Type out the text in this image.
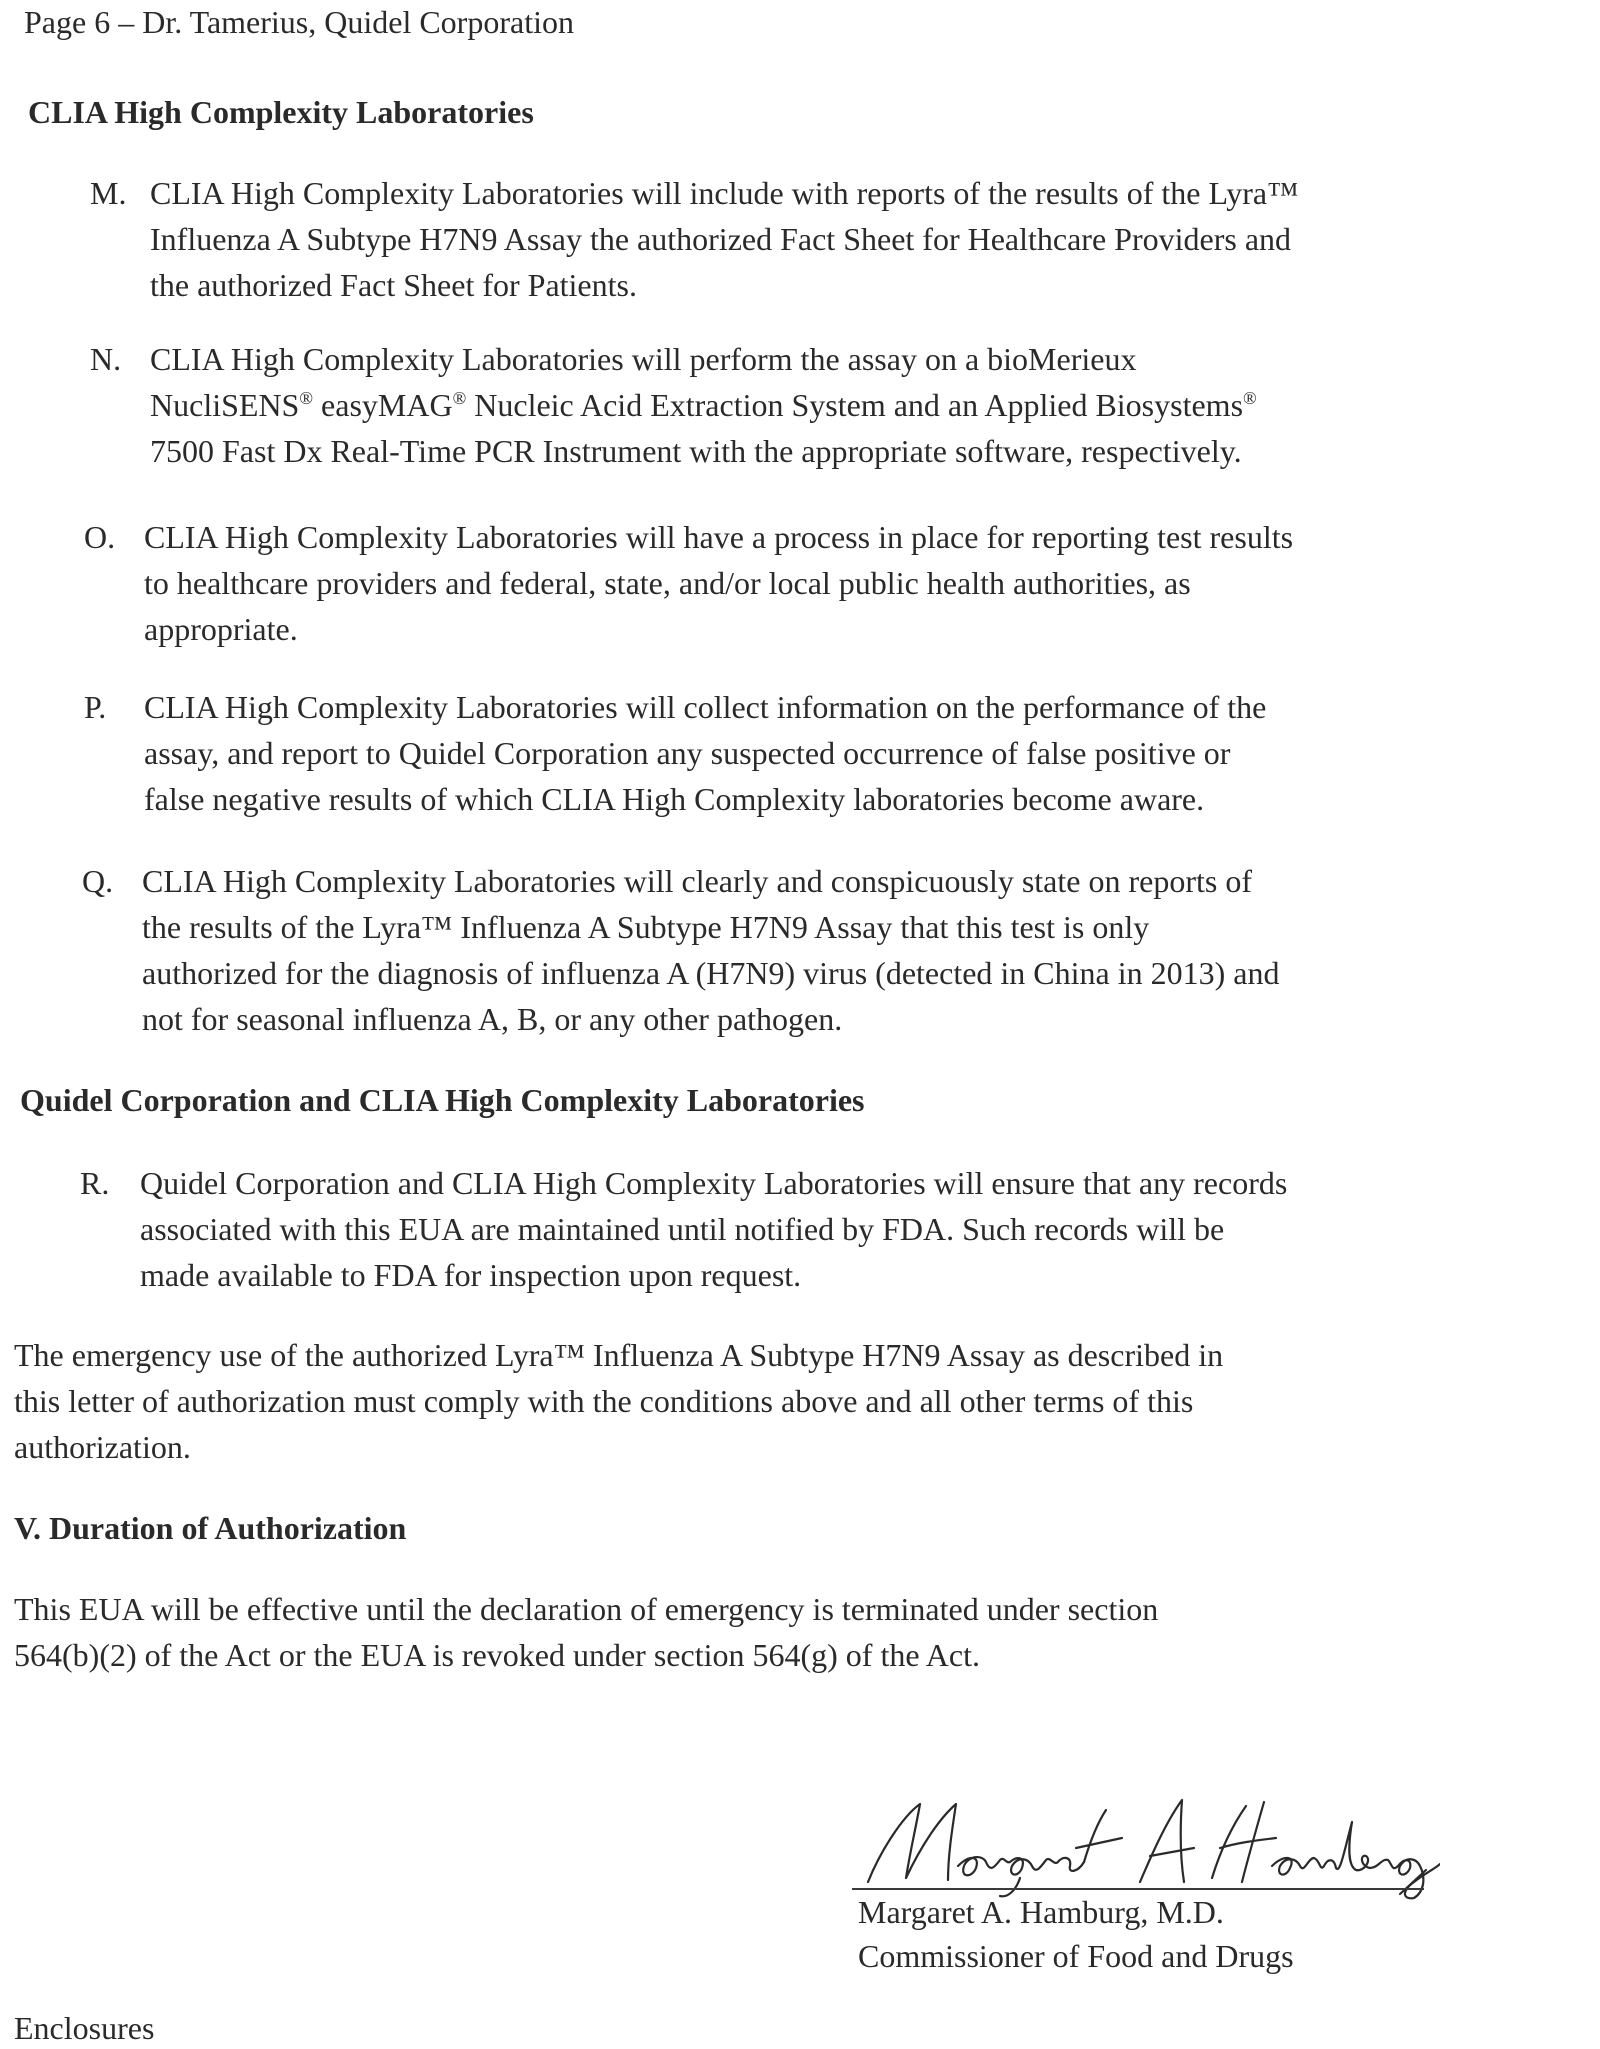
Page 6 – Dr. Tamerius, Quidel Corporation
CLIA High Complexity Laboratories
M. CLIA High Complexity Laboratories will include with reports of the results of the Lyra™
Influenza A Subtype H7N9 Assay the authorized Fact Sheet for Healthcare Providers and
the authorized Fact Sheet for Patients.
N. CLIA High Complexity Laboratories will perform the assay on a bioMerieux
NucliSENS® easyMAG® Nucleic Acid Extraction System and an Applied Biosystems®
7500 Fast Dx Real-Time PCR Instrument with the appropriate software, respectively.
O. CLIA High Complexity Laboratories will have a process in place for reporting test results
to healthcare providers and federal, state, and/or local public health authorities, as
appropriate.
P. CLIA High Complexity Laboratories will collect information on the performance of the
assay, and report to Quidel Corporation any suspected occurrence of false positive or
false negative results of which CLIA High Complexity laboratories become aware.
Q. CLIA High Complexity Laboratories will clearly and conspicuously state on reports of
the results of the Lyra™ Influenza A Subtype H7N9 Assay that this test is only
authorized for the diagnosis of influenza A (H7N9) virus (detected in China in 2013) and
not for seasonal influenza A, B, or any other pathogen.
Quidel Corporation and CLIA High Complexity Laboratories
R. Quidel Corporation and CLIA High Complexity Laboratories will ensure that any records
associated with this EUA are maintained until notified by FDA. Such records will be
made available to FDA for inspection upon request.
The emergency use of the authorized Lyra™ Influenza A Subtype H7N9 Assay as described in
this letter of authorization must comply with the conditions above and all other terms of this
authorization.
V. Duration of Authorization
This EUA will be effective until the declaration of emergency is terminated under section
564(b)(2) of the Act or the EUA is revoked under section 564(g) of the Act.
Margaret A. Hamburg, M.D.
Commissioner of Food and Drugs
Enclosures
